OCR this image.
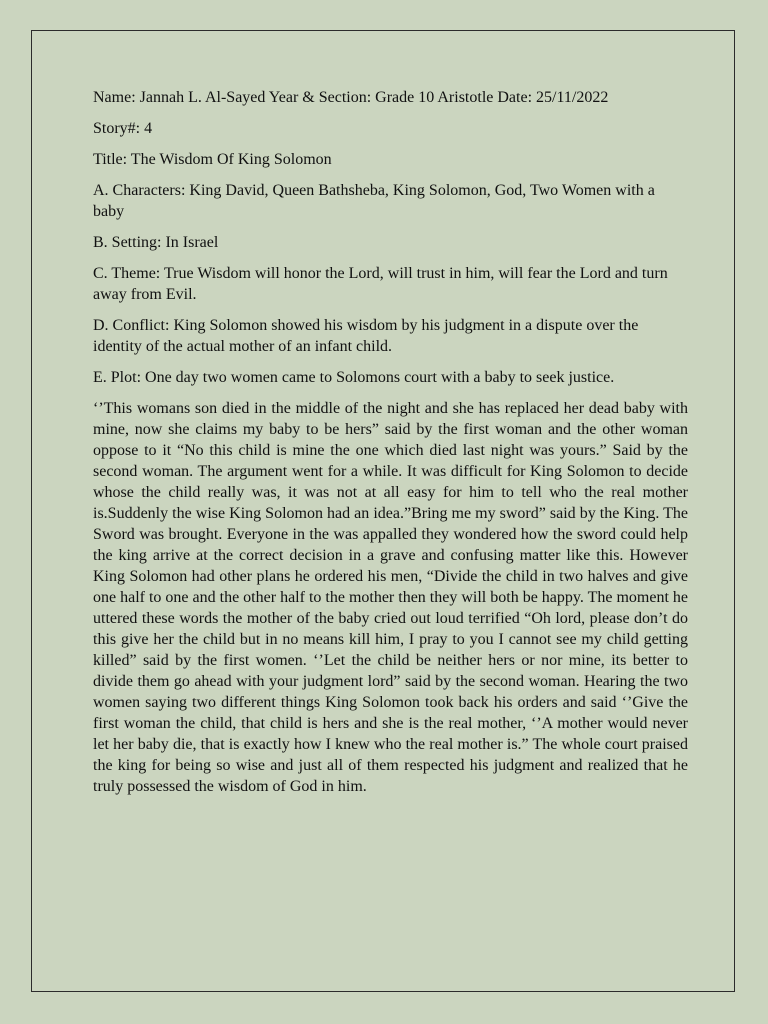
Name: Jannah L. Al-Sayed Year & Section: Grade 10 Aristotle Date: 25/11/2022

Story#: 4

Title: The Wisdom Of King Solomon

A. Characters: King David, Queen Bathsheba, King Solomon, God, Two Women with a baby

B. Setting: In Israel

C. Theme: True Wisdom will honor the Lord, will trust in him, will fear the Lord and turn away from Evil.

D. Conflict: King Solomon showed his wisdom by his judgment in a dispute over the identity of the actual mother of an infant child.

E. Plot: One day two women came to Solomons court with a baby to seek justice.

‘’This womans son died in the middle of the night and she has replaced her dead baby with mine, now she claims my baby to be hers” said by the first woman and the other woman oppose to it “No this child is mine the one which died last night was yours.” Said by the second woman. The argument went for a while. It was difficult for King Solomon to decide whose the child really was, it was not at all easy for him to tell who the real mother is.Suddenly the wise King Solomon had an idea.”Bring me my sword” said by the King. The Sword was brought. Everyone in the was appalled they wondered how the sword could help the king arrive at the correct decision in a grave and confusing matter like this. However King Solomon had other plans he ordered his men, “Divide the child in two halves and give one half to one and the other half to the mother then they will both be happy. The moment he uttered these words the mother of the baby cried out loud terrified “Oh lord, please don’t do this give her the child but in no means kill him, I pray to you I cannot see my child getting killed” said by the first women. ‘’Let the child be neither hers or nor mine, its better to divide them go ahead with your judgment lord” said by the second woman. Hearing the two women saying two different things King Solomon took back his orders and said ‘’Give the first woman the child, that child is hers and she is the real mother, ‘’A mother would never let her baby die, that is exactly how I knew who the real mother is.” The whole court praised the king for being so wise and just all of them respected his judgment and realized that he truly possessed the wisdom of God in him.
